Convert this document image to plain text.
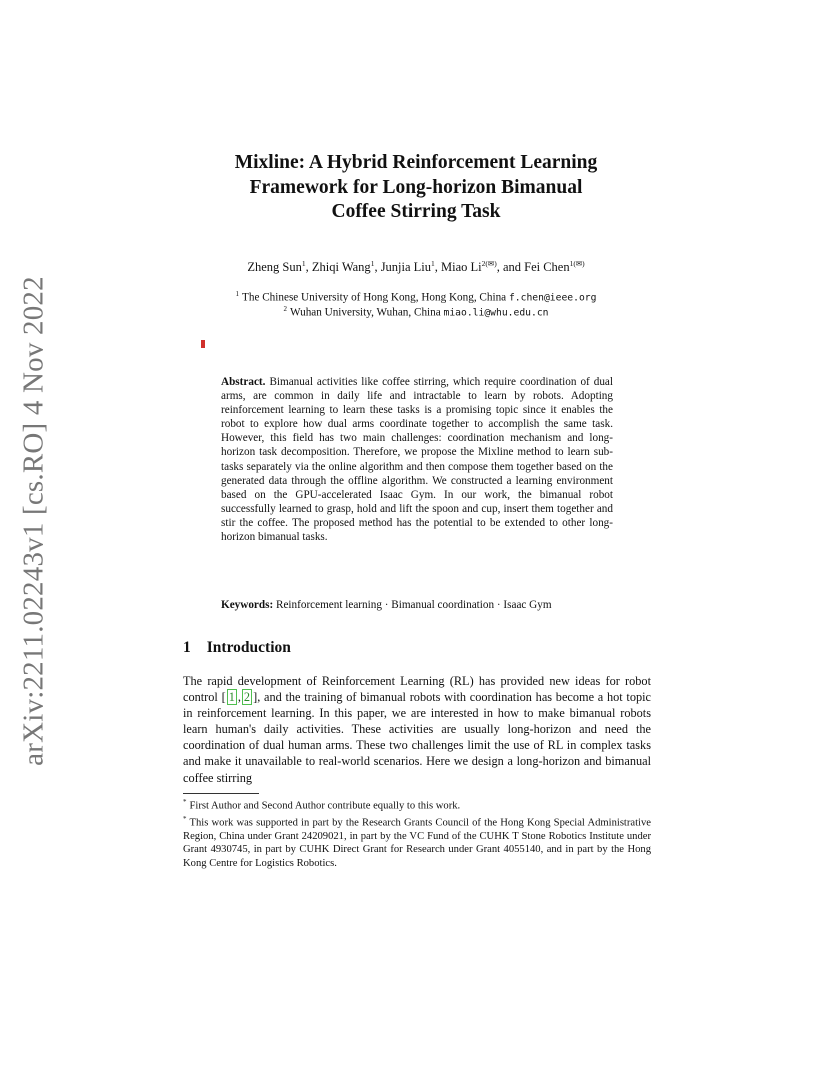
arXiv:2211.02243v1 [cs.RO] 4 Nov 2022
Mixline: A Hybrid Reinforcement Learning
Framework for Long-horizon Bimanual
Coffee Stirring Task
Zheng Sun$^1$, Zhiqi Wang$^1$, Junjia Liu$^1$, Miao $Li^{2(✉)}$, and Fei Chen$^{1(✉)}$
$^1$ The Chinese University of Hong Kong, Hong Kong, China f.chen@ieee.org
$^2$ Wuhan University, Wuhan, China miao.li@whu.edu.cn
Abstract. Bimanual activities like coffee stirring, which require coordination of dual arms, are common in daily life and intractable to learn by robots. Adopting reinforcement learning to learn these tasks is a promising topic since it enables the robot to explore how dual arms coordinate together to accomplish the same task. However, this field has two main challenges: coordination mechanism and long-horizon task decomposition. Therefore, we propose the Mixline method to learn sub-tasks separately via the online algorithm and then compose them together based on the generated data through the offline algorithm. We constructed a learning environment based on the GPU-accelerated Isaac Gym. In our work, the bimanual robot successfully learned to grasp, hold and lift the spoon and cup, insert them together and stir the coffee. The proposed method has the potential to be extended to other long-horizon bimanual tasks.
Keywords: Reinforcement learning · Bimanual coordination · Isaac Gym
1 Introduction
The rapid development of Reinforcement Learning (RL) has provided new ideas for robot control [ 1 , 2 ], and the training of bimanual robots with coordination has become a hot topic in reinforcement learning. In this paper, we are interested in how to make bimanual robots learn human's daily activities. These activities are usually long-horizon and need the coordination of dual human arms. These two challenges limit the use of RL in complex tasks and make it unavailable to real-world scenarios. Here we design a long-horizon and bimanual coffee stirring

* First Author and Second Author contribute equally to this work.

* This work was supported in part by the Research Grants Council of the Hong Kong Special Administrative Region, China under Grant 24209021, in part by the VC Fund of the CUHK T Stone Robotics Institute under Grant 4930745, in part by CUHK Direct Grant for Research under Grant 4055140, and in part by the Hong Kong Centre for Logistics Robotics.
